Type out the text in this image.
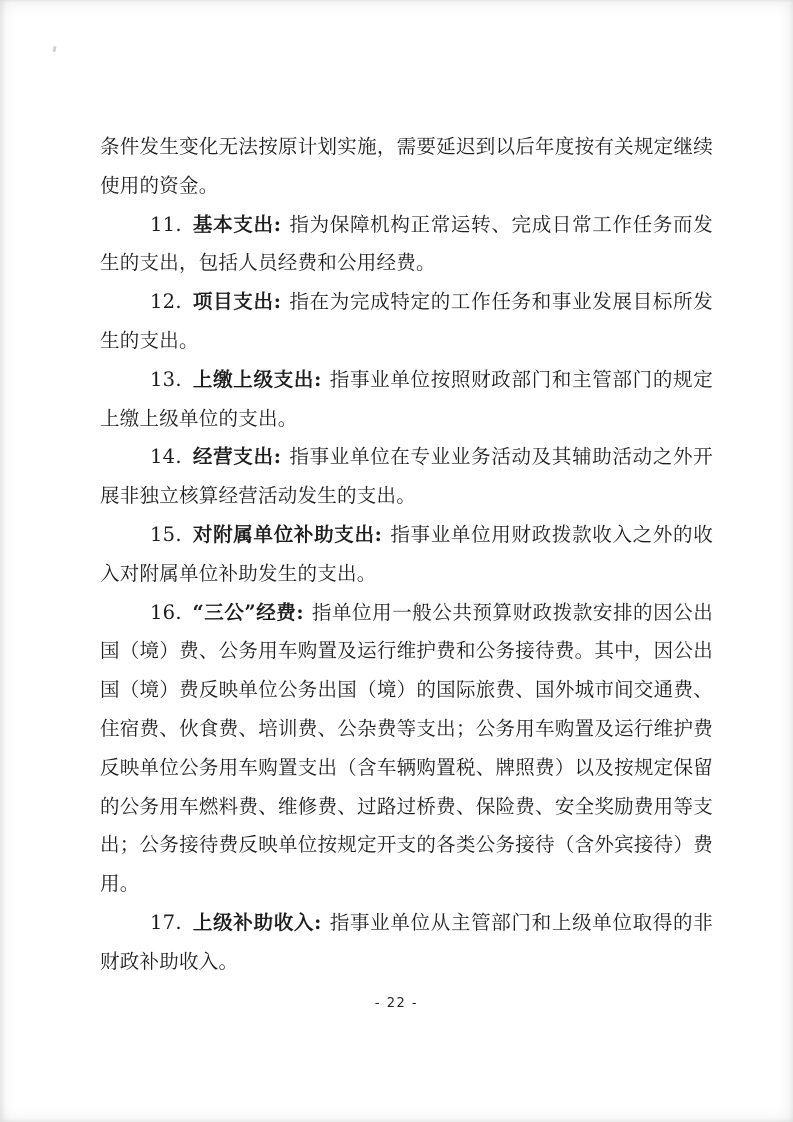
条件发生变化无法按原计划实施，需要延迟到以后年度按有关规定继续使用的资金。

11. 基本支出: 指为保障机构正常运转、完成日常工作任务而发生的支出，包括人员经费和公用经费。

12. 项目支出: 指在为完成特定的工作任务和事业发展目标所发生的支出。

13. 上缴上级支出: 指事业单位按照财政部门和主管部门的规定上缴上级单位的支出。

14. 经营支出: 指事业单位在专业业务活动及其辅助活动之外开展非独立核算经营活动发生的支出。

15. 对附属单位补助支出: 指事业单位用财政拨款收入之外的收入对附属单位补助发生的支出。

16. “三公”经费: 指单位用一般公共预算财政拨款安排的因公出国（境）费、公务用车购置及运行维护费和公务接待费。其中，因公出国（境）费反映单位公务出国（境）的国际旅费、国外城市间交通费、住宿费、伙食费、培训费、公杂费等支出；公务用车购置及运行维护费反映单位公务用车购置支出（含车辆购置税、牌照费）以及按规定保留的公务用车燃料费、维修费、过路过桥费、保险费、安全奖励费用等支出；公务接待费反映单位按规定开支的各类公务接待（含外宾接待）费用。

17. 上级补助收入: 指事业单位从主管部门和上级单位取得的非财政补助收入。

- 22 -
